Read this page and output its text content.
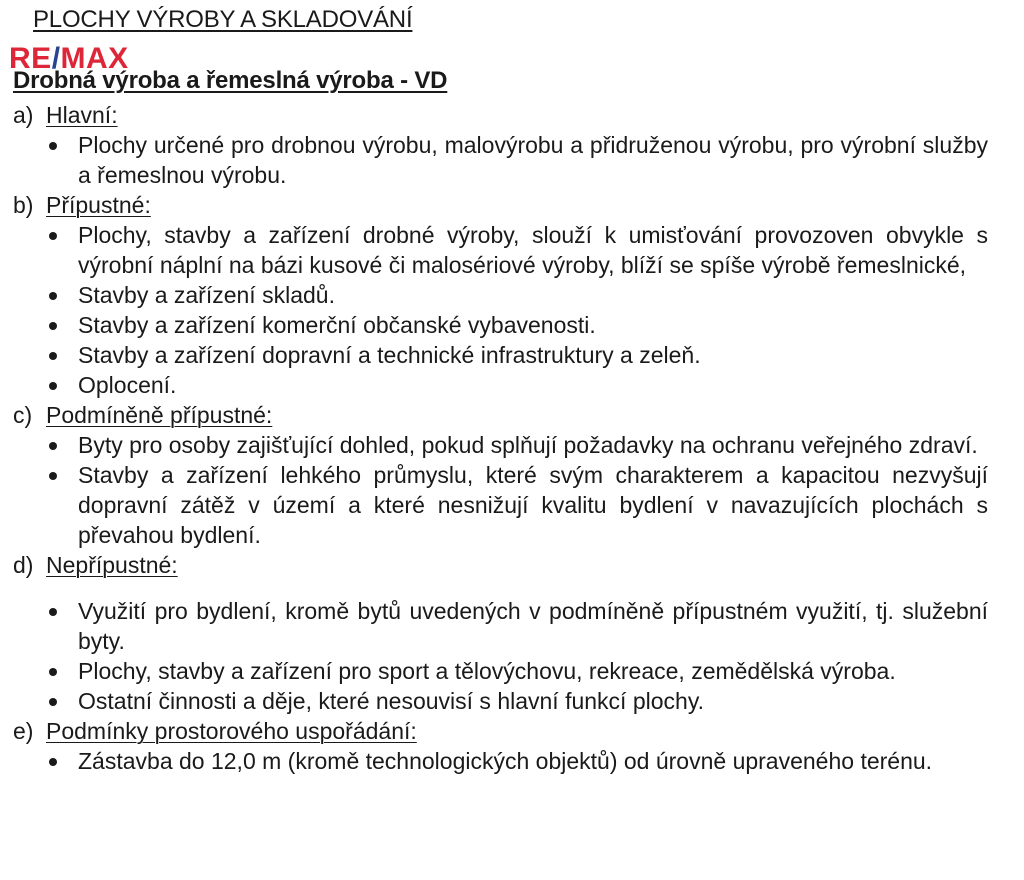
PLOCHY VÝROBY A SKLADOVÁNÍ
RE/MAX
Drobná výroba a řemeslná výroba - VD
a) Hlavní:
Plochy určené pro drobnou výrobu, malovýrobu a přidruženou výrobu, pro výrobní služby a řemeslnou výrobu.
b) Přípustné:
Plochy, stavby a zařízení drobné výroby, slouží k umisťování provozoven obvykle s výrobní náplní na bázi kusové či malosériové výroby, blíží se spíše výrobě řemeslnické,
Stavby a zařízení skladů.
Stavby a zařízení komerční občanské vybavenosti.
Stavby a zařízení dopravní a technické infrastruktury a zeleň.
Oplocení.
c) Podmíněně přípustné:
Byty pro osoby zajišťující dohled, pokud splňují požadavky na ochranu veřejného zdraví.
Stavby a zařízení lehkého průmyslu, které svým charakterem a kapacitou nezvyšují dopravní zátěž v území a které nesnižují kvalitu bydlení v navazujících plochách s převahou bydlení.
d) Nepřípustné:
Využití pro bydlení, kromě bytů uvedených v podmíněně přípustném využití, tj. služební byty.
Plochy, stavby a zařízení pro sport a tělovýchovu, rekreace, zemědělská výroba.
Ostatní činnosti a děje, které nesouvisí s hlavní funkcí plochy.
e) Podmínky prostorového uspořádání:
Zástavba do 12,0 m (kromě technologických objektů) od úrovně upraveného terénu.
